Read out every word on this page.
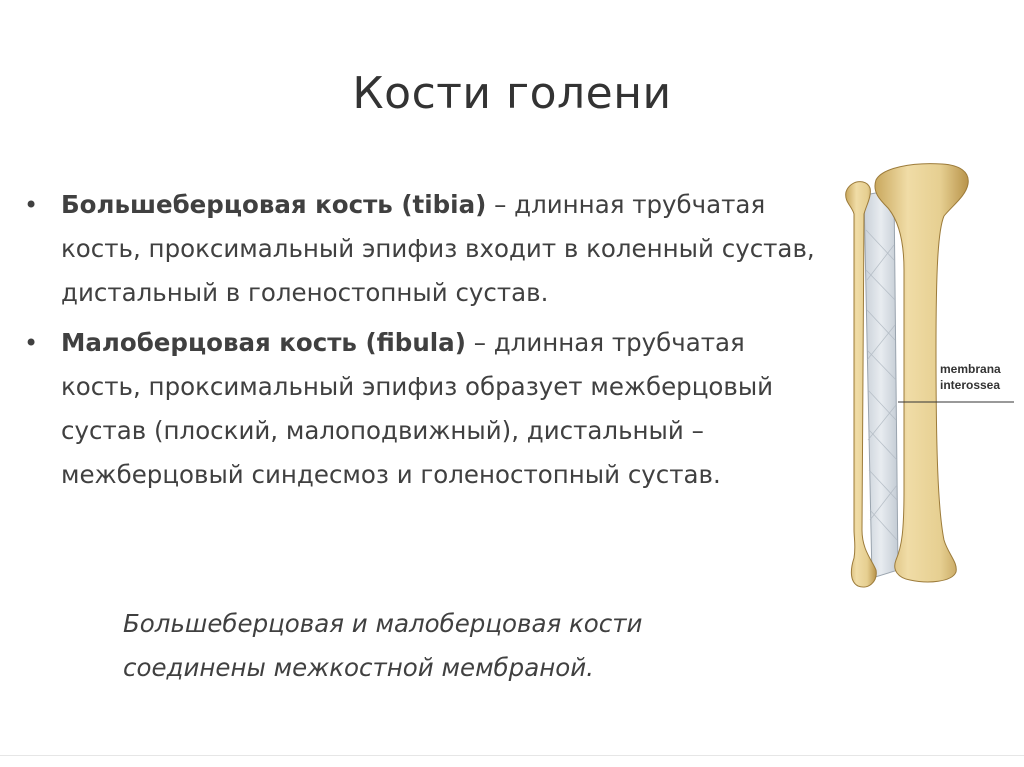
Кости голени
• Большеберцовая кость (tibia) – длинная трубчатая кость, проксимальный эпифиз входит в коленный сустав, дистальный в голеностопный сустав.
• Малоберцовая кость (fibula) – длинная трубчатая кость, проксимальный эпифиз образует межберцовый сустав (плоский, малоподвижный), дистальный – межберцовый синдесмоз и голеностопный сустав.
Большеберцовая и малоберцовая кости соединены межкостной мембраной.
membrana
interossea
